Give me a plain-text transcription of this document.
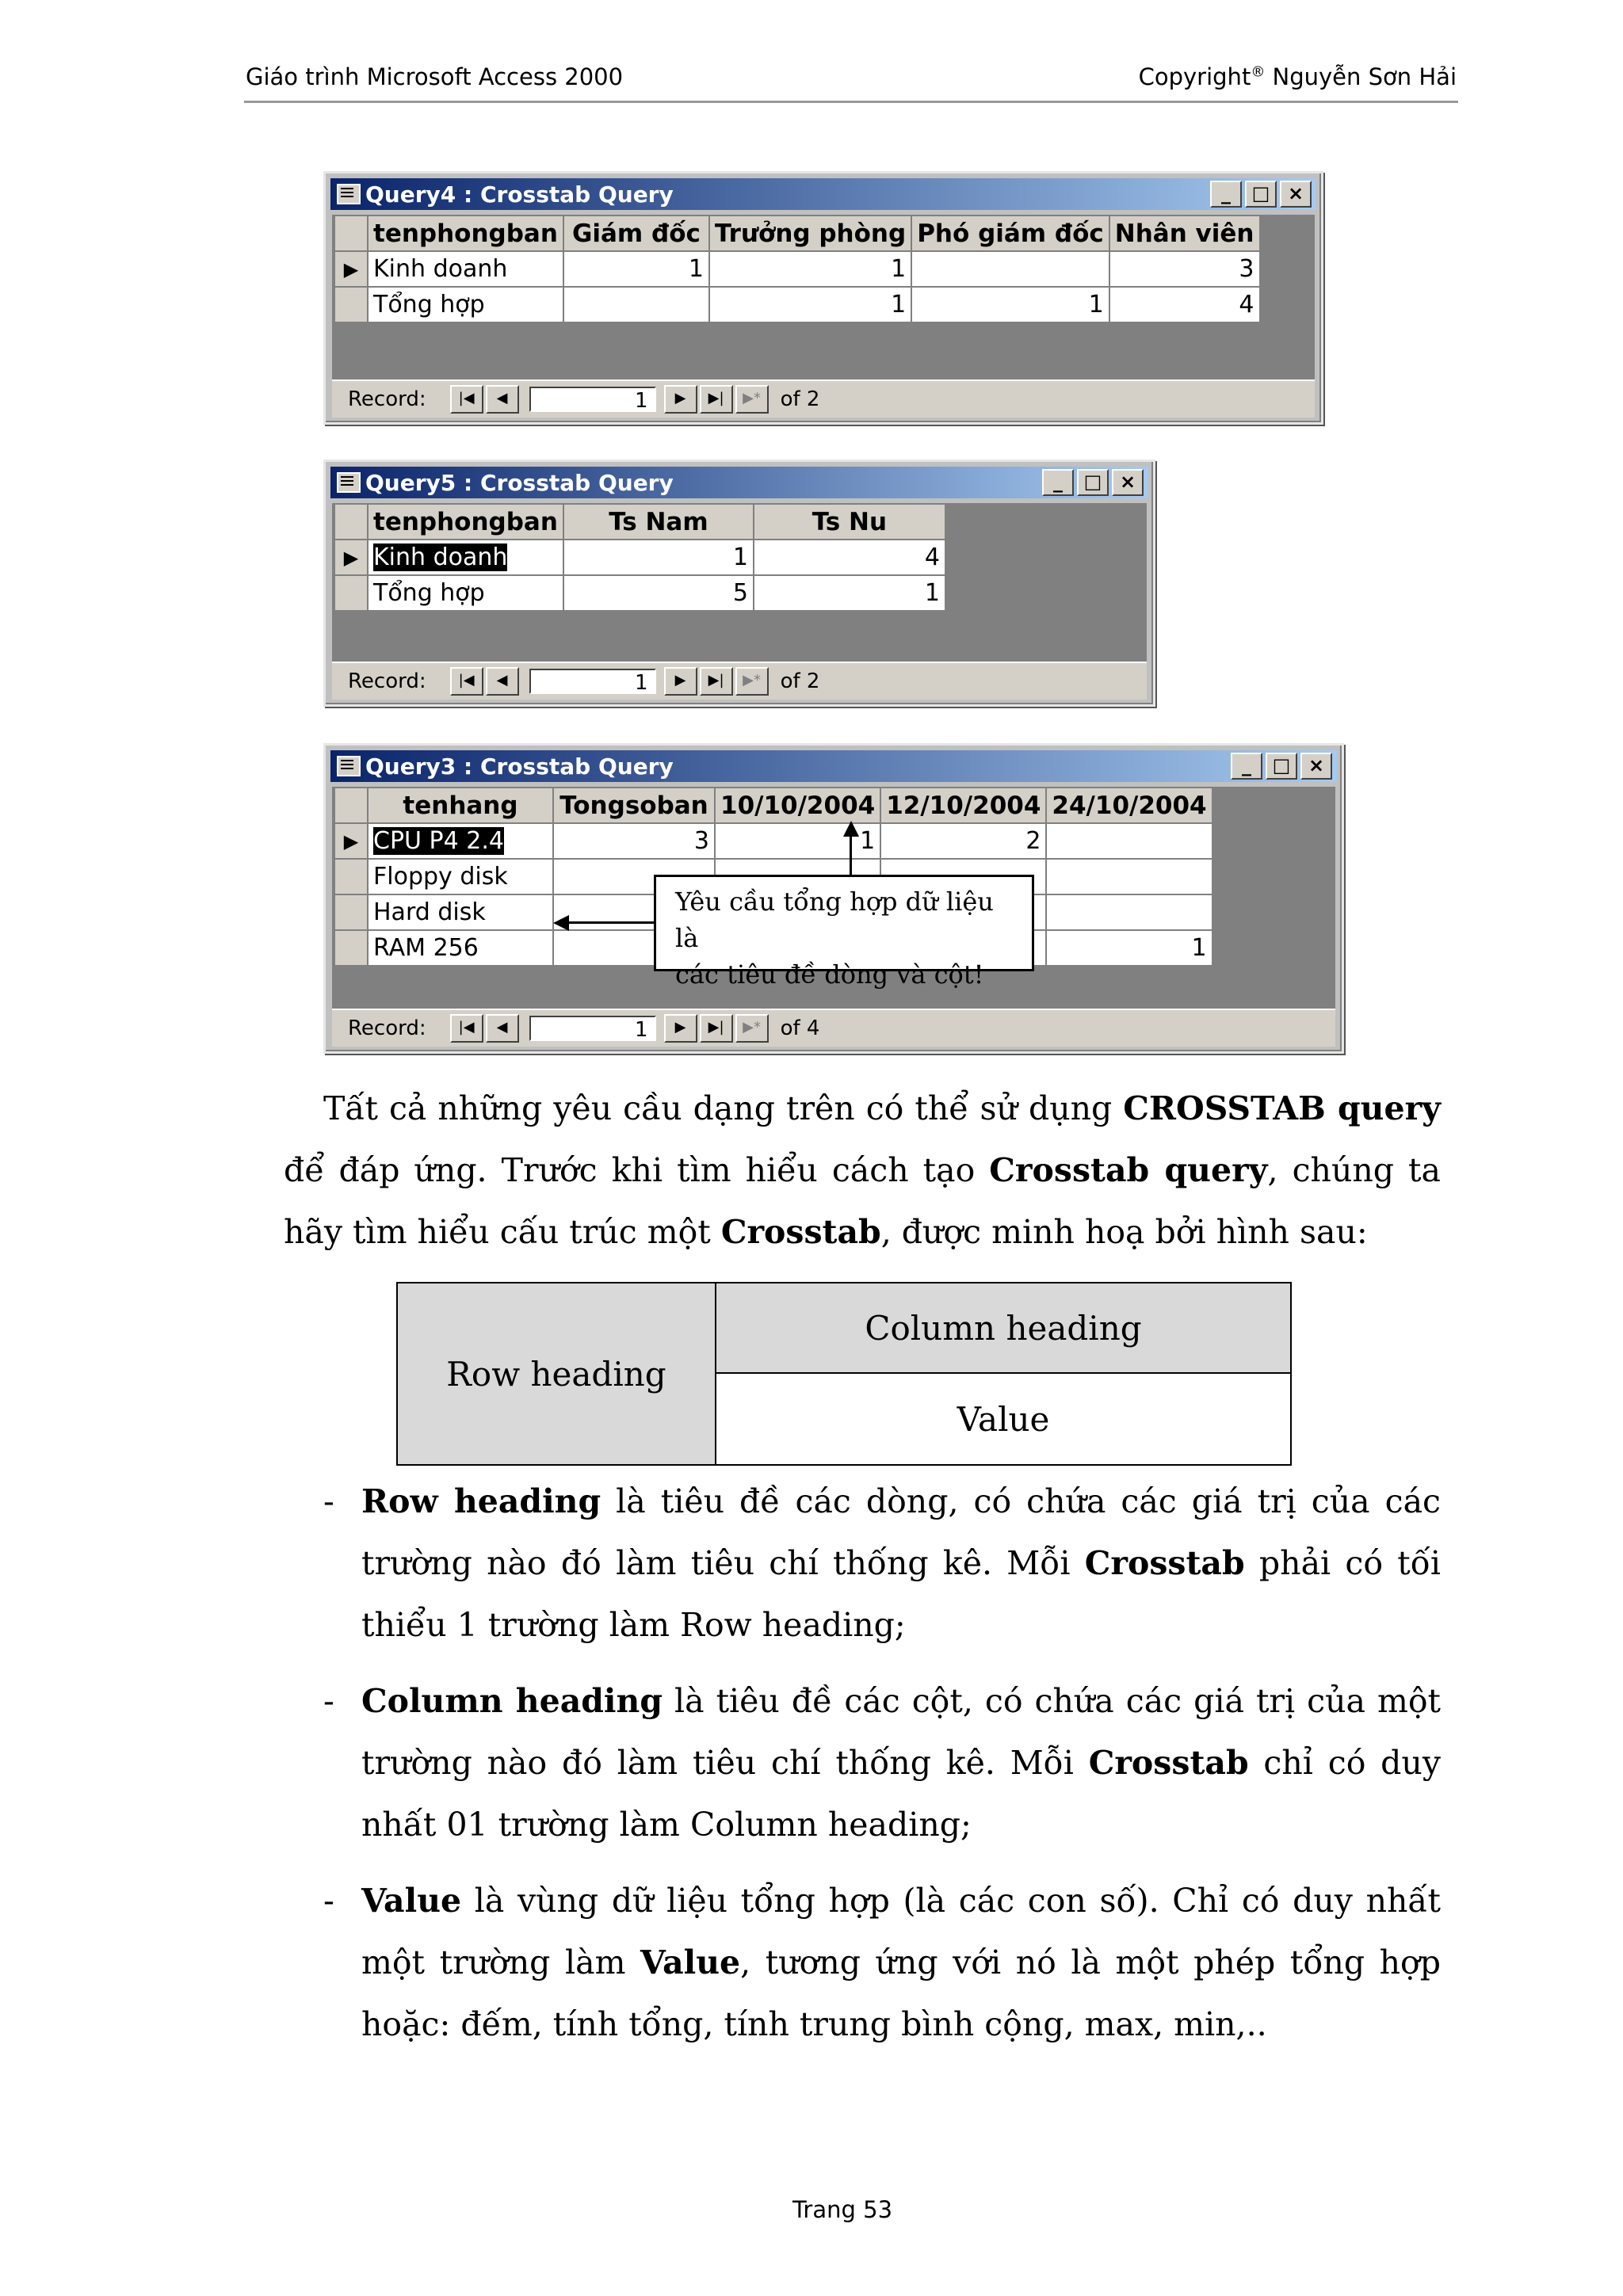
Giáo trình Microsoft Access 2000	Copyright® Nguyễn Sơn Hải
Query4 : Crosstab Query	_	□ ×
	tenphongban	Giám đốc	Trưởng phòng	Phó giám đốc	Nhân viên
▶	Kinh doanh	1	1		3
	Tổng hợp		1	1	4
Record:	|◀	◀	1	▶	▶|	▶* of 2
Query5 : Crosstab Query	_	□ ×
	tenphongban	Ts Nam	Ts Nu
▶	Kinh doanh	1	4
	Tổng hợp	5	1
Record:	|◀	◀	1	▶	▶|	▶* of 2
Query3 : Crosstab Query	_	□ ×
	tenhang	Tongsoban	10/10/2004	12/10/2004	24/10/2004
▶	CPU P4 2.4	3	1	2	
	Floppy disk				
	Hard disk				
	RAM 256				1
Record:	|◀	◀	1	▶	▶|	▶* of 4
Yêu cầu tổng hợp dữ liệu là
các tiêu đề dòng và cột!
Tất cả những yêu cầu dạng trên có thể sử dụng CROSSTAB query để đáp ứng. Trước khi tìm hiểu cách tạo Crosstab query, chúng ta hãy tìm hiểu cấu trúc một Crosstab, được minh hoạ bởi hình sau:
Row heading
Column heading
Value
- Row heading là tiêu đề các dòng, có chứa các giá trị của các trường nào đó làm tiêu chí thống kê. Mỗi Crosstab phải có tối thiểu 1 trường làm Row heading;
- Column heading là tiêu đề các cột, có chứa các giá trị của một trường nào đó làm tiêu chí thống kê. Mỗi Crosstab chỉ có duy nhất 01 trường làm Column heading;
- Value là vùng dữ liệu tổng hợp (là các con số). Chỉ có duy nhất một trường làm Value, tương ứng với nó là một phép tổng hợp hoặc: đếm, tính tổng, tính trung bình cộng, max, min,..
Trang 53
